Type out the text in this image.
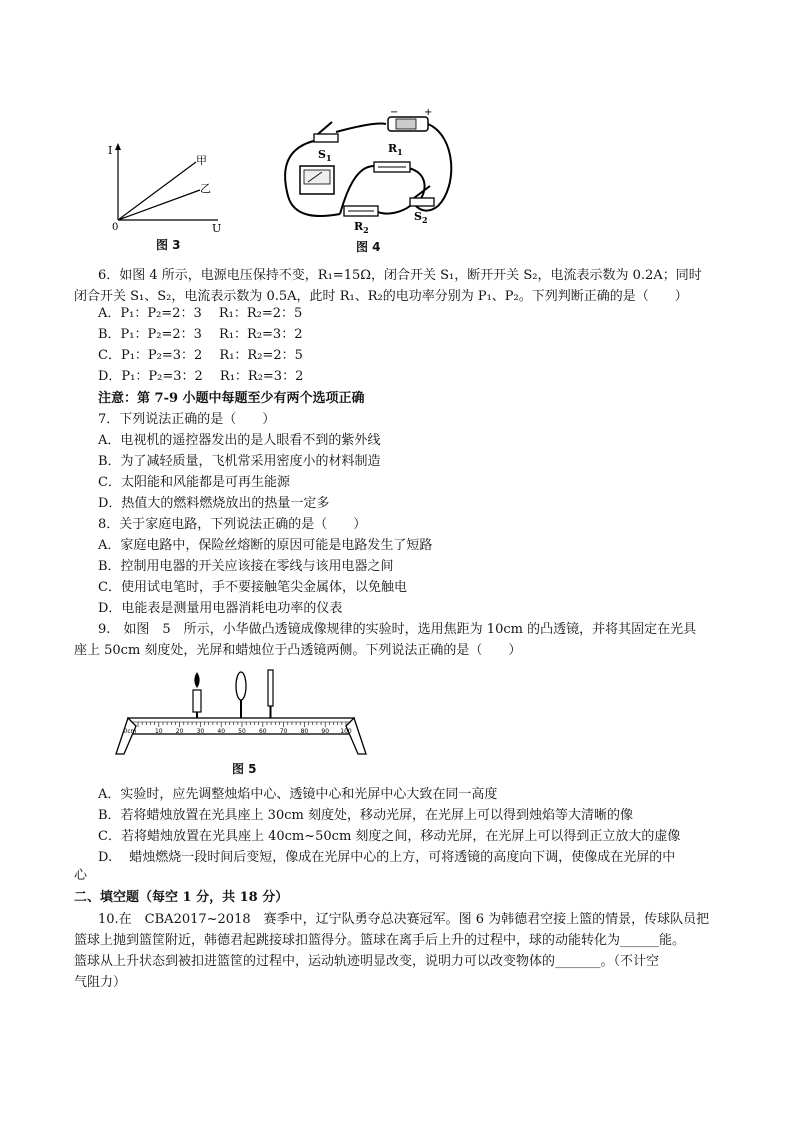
I
0	U
甲
乙
图 3
−	+
$S_1$
$R_1$
$R_2$
$S_2$
图 4
6．如图 4 所示，电源电压保持不变，R₁=15Ω，闭合开关 S₁，断开开关 S₂，电流表示数为 0.2A；同时
闭合开关 S₁、S₂，电流表示数为 0.5A，此时 R₁、R₂的电功率分别为 P₁、P₂。下列判断正确的是（　　）
A．P₁：P₂=2：3　 R₁：R₂=2：5
B．P₁：P₂=2：3　 R₁：R₂=3：2
C．P₁：P₂=3：2　 R₁：R₂=2：5
D．P₁：P₂=3：2　 R₁：R₂=3：2
注意：第 7-9 小题中每题至少有两个选项正确
7．下列说法正确的是（　　）
A．电视机的遥控器发出的是人眼看不到的紫外线
B．为了减轻质量，飞机常采用密度小的材料制造
C．太阳能和风能都是可再生能源
D．热值大的燃料燃烧放出的热量一定多
8．关于家庭电路，下列说法正确的是（　　）
A．家庭电路中，保险丝熔断的原因可能是电路发生了短路
B．控制用电器的开关应该接在零线与该用电器之间
C．使用试电笔时，手不要接触笔尖金属体，以免触电
D．电能表是测量用电器消耗电功率的仪表
9.　如图　5　所示，小华做凸透镜成像规律的实验时，选用焦距为 10cm 的凸透镜，并将其固定在光具
座上 50cm 刻度处，光屏和蜡烛位于凸透镜两侧。下列说法正确的是（　　）
0cm	10 20 30 40 50 60 70 80 90 100
图 5
A．实验时，应先调整烛焰中心、透镜中心和光屏中心大致在同一高度
B．若将蜡烛放置在光具座上 30cm 刻度处，移动光屏，在光屏上可以得到烛焰等大清晰的像
C．若将蜡烛放置在光具座上 40cm~50cm 刻度之间，移动光屏，在光屏上可以得到正立放大的虚像
D.　 蜡烛燃烧一段时间后变短，像成在光屏中心的上方，可将透镜的高度向下调，使像成在光屏的中
心
二、填空题（每空 1 分，共 18 分）
10.在　CBA2017~2018　赛季中，辽宁队勇夺总决赛冠军。图 6 为韩德君空接上篮的情景，传球队员把
篮球上抛到篮筐附近，韩德君起跳接球扣篮得分。篮球在离手后上升的过程中，球的动能转化为______能。
篮球从上升状态到被扣进篮筐的过程中，运动轨迹明显改变，说明力可以改变物体的_______。（不计空
气阻力）
